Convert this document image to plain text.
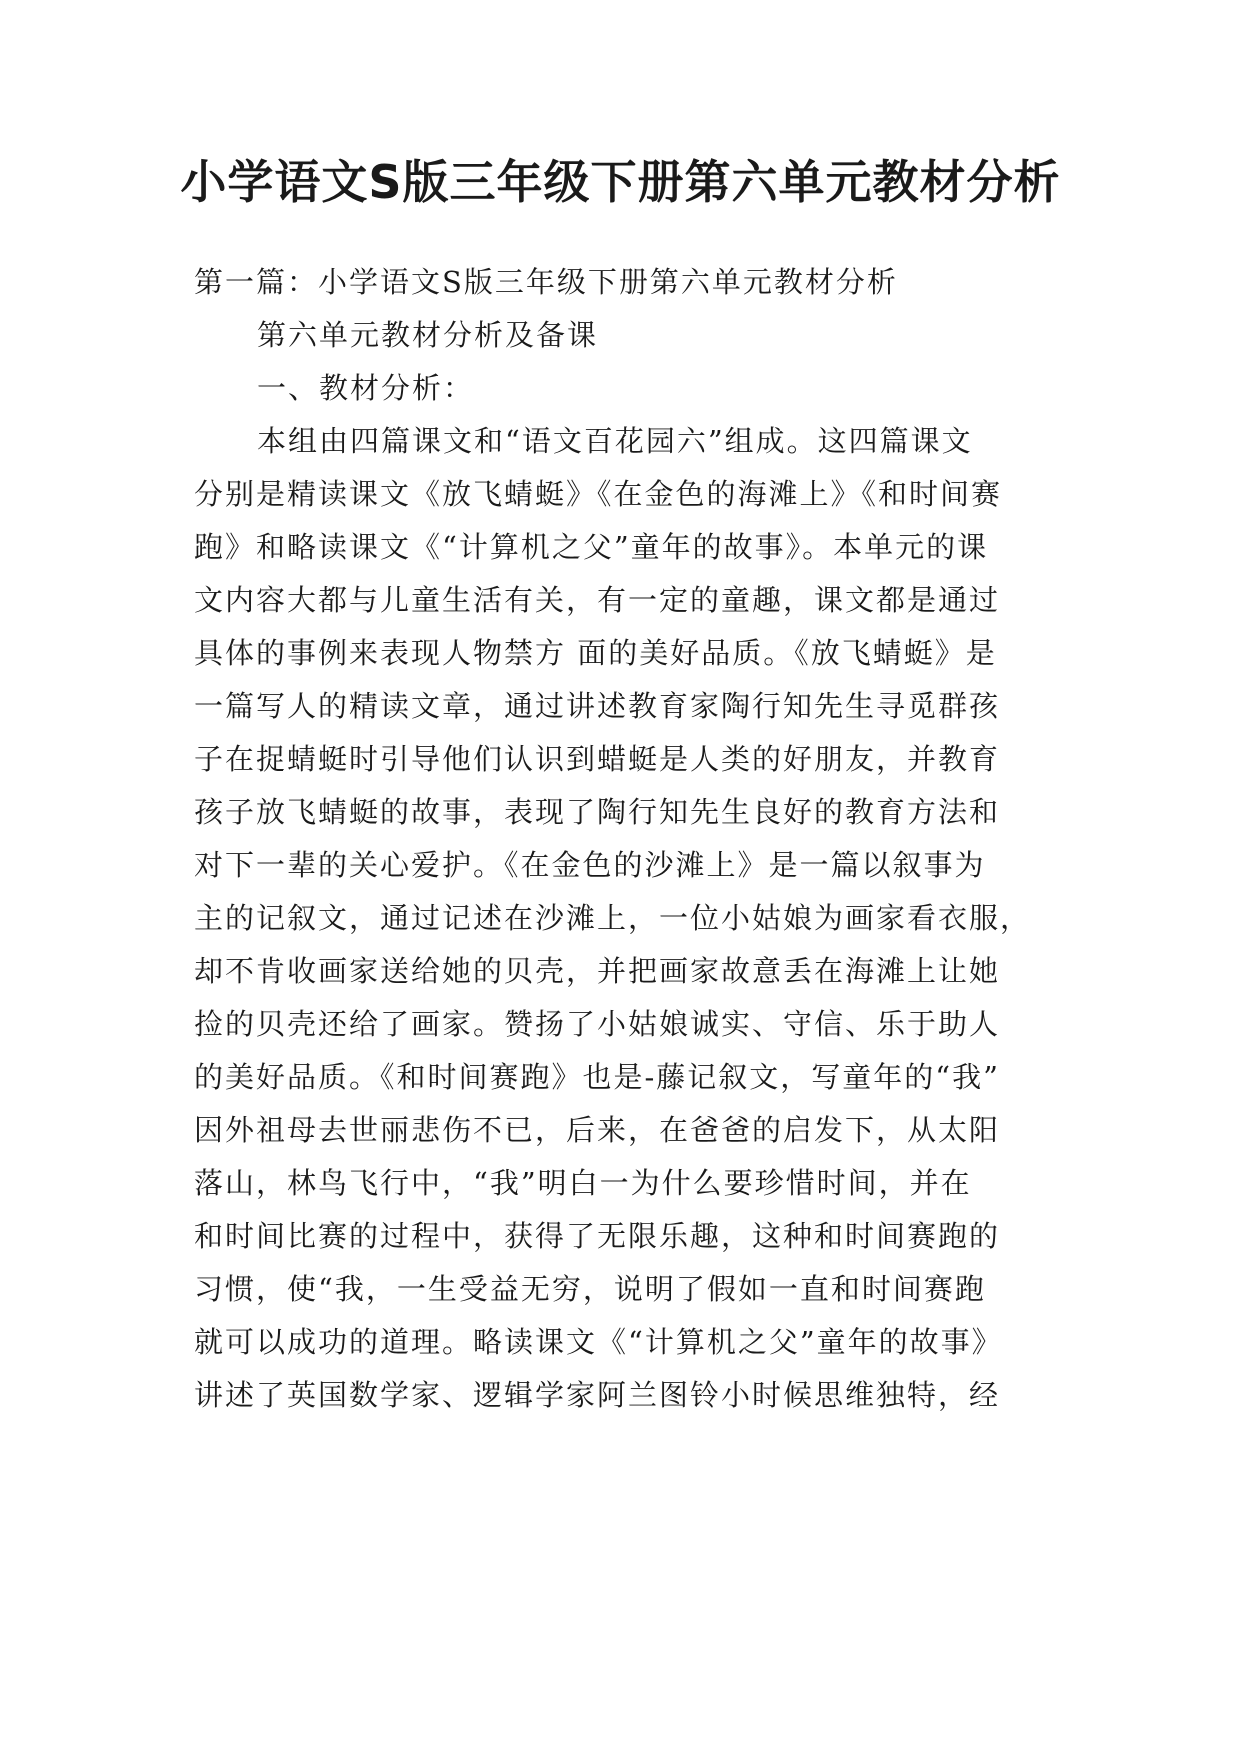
小学语文S版三年级下册第六单元教材分析
第一篇：小学语文S版三年级下册第六单元教材分析
第六单元教材分析及备课
一、教材分析：
本组由四篇课文和“语文百花园六”组成。这四篇课文
分别是精读课文《放飞蜻蜓》《在金色的海滩上》《和时间赛
跑》和略读课文《“计算机之父”童年的故事》。本单元的课
文内容大都与儿童生活有关，有一定的童趣，课文都是通过
具体的事例来表现人物禁方 面的美好品质。《放飞蜻蜓》是
一篇写人的精读文章，通过讲述教育家陶行知先生寻觅群孩
子在捉蜻蜓时引导他们认识到蜡蜓是人类的好朋友，并教育
孩子放飞蜻蜓的故事，表现了陶行知先生良好的教育方法和
对下一辈的关心爱护。《在金色的沙滩上》是一篇以叙事为
主的记叙文，通过记述在沙滩上，一位小姑娘为画家看衣服，
却不肯收画家送给她的贝壳，并把画家故意丢在海滩上让她
捡的贝壳还给了画家。赞扬了小姑娘诚实、守信、乐于助人
的美好品质。《和时间赛跑》也是-藤记叙文，写童年的“我”
因外祖母去世丽悲伤不已，后来，在爸爸的启发下，从太阳
落山，林鸟飞行中，“我”明白一为什么要珍惜时间，并在
和时间比赛的过程中，获得了无限乐趣，这种和时间赛跑的
习惯，使“我，一生受益无穷，说明了假如一直和时间赛跑
就可以成功的道理。略读课文《“计算机之父”童年的故事》
讲述了英国数学家、逻辑学家阿兰图铃小时候思维独特，经
